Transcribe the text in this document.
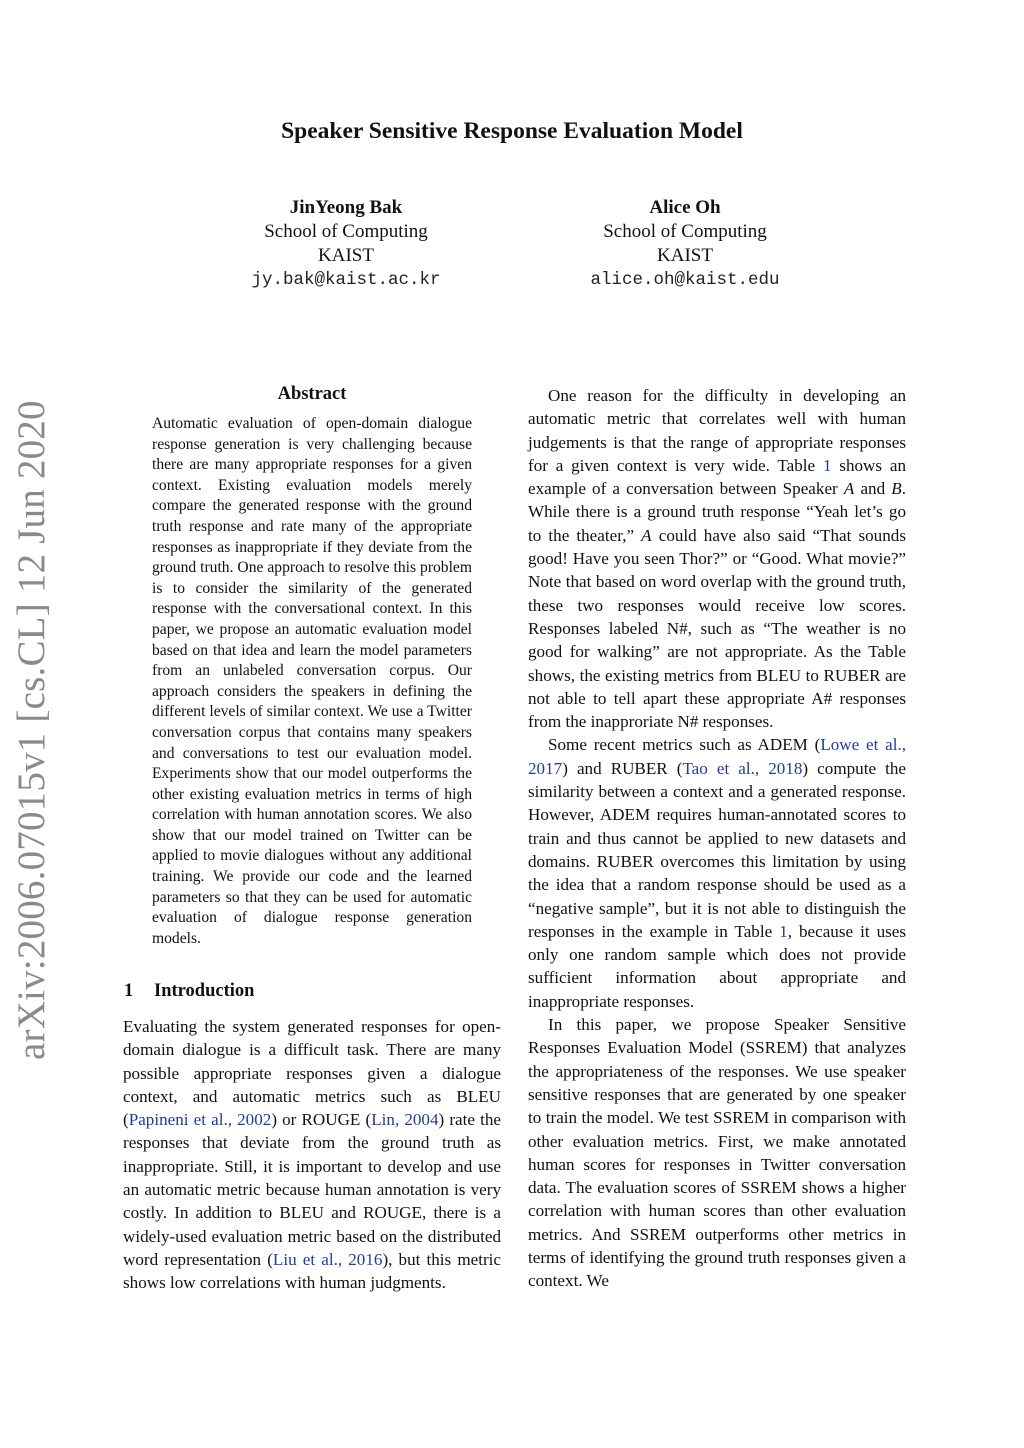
arXiv:2006.07015v1 [cs.CL] 12 Jun 2020
Speaker Sensitive Response Evaluation Model
JinYeong Bak
School of Computing
KAIST
jy.bak@kaist.ac.kr
Alice Oh
School of Computing
KAIST
alice.oh@kaist.edu
Abstract
Automatic evaluation of open-domain dialogue response generation is very challenging because there are many appropriate responses for a given context. Existing evaluation models merely compare the generated response with the ground truth response and rate many of the appropriate responses as inappropriate if they deviate from the ground truth. One approach to resolve this problem is to consider the similarity of the generated response with the conversational context. In this paper, we propose an automatic evaluation model based on that idea and learn the model parameters from an unlabeled conversation corpus. Our approach considers the speakers in defining the different levels of similar context. We use a Twitter conversation corpus that contains many speakers and conversations to test our evaluation model. Experiments show that our model outperforms the other existing evaluation metrics in terms of high correlation with human annotation scores. We also show that our model trained on Twitter can be applied to movie dialogues without any additional training. We provide our code and the learned parameters so that they can be used for automatic evaluation of dialogue response generation models.
1 Introduction

Evaluating the system generated responses for open-domain dialogue is a difficult task. There are many possible appropriate responses given a dialogue context, and automatic metrics such as BLEU (Papineni et al., 2002) or ROUGE (Lin, 2004) rate the responses that deviate from the ground truth as inappropriate. Still, it is important to develop and use an automatic metric because human annotation is very costly. In addition to BLEU and ROUGE, there is a widely-used evaluation metric based on the distributed word representation (Liu et al., 2016), but this metric shows low correlations with human judgments.

One reason for the difficulty in developing an automatic metric that correlates well with human judgements is that the range of appropriate responses for a given context is very wide. Table 1 shows an example of a conversation between Speaker A and B. While there is a ground truth response “Yeah let’s go to the theater,” A could have also said “That sounds good! Have you seen Thor?” or “Good. What movie?” Note that based on word overlap with the ground truth, these two responses would receive low scores. Responses labeled N#, such as “The weather is no good for walking” are not appropriate. As the Table shows, the existing metrics from BLEU to RUBER are not able to tell apart these appropriate A# responses from the inapproriate N# responses.

Some recent metrics such as ADEM (Lowe et al., 2017) and RUBER (Tao et al., 2018) compute the similarity between a context and a generated response. However, ADEM requires human-annotated scores to train and thus cannot be applied to new datasets and domains. RUBER overcomes this limitation by using the idea that a random response should be used as a “negative sample”, but it is not able to distinguish the responses in the example in Table 1, because it uses only one random sample which does not provide sufficient information about appropriate and inappropriate responses.

In this paper, we propose Speaker Sensitive Responses Evaluation Model (SSREM) that analyzes the appropriateness of the responses. We use speaker sensitive responses that are generated by one speaker to train the model. We test SSREM in comparison with other evaluation metrics. First, we make annotated human scores for responses in Twitter conversation data. The evaluation scores of SSREM shows a higher correlation with human scores than other evaluation metrics. And SSREM outperforms other metrics in terms of identifying the ground truth responses given a context. We
